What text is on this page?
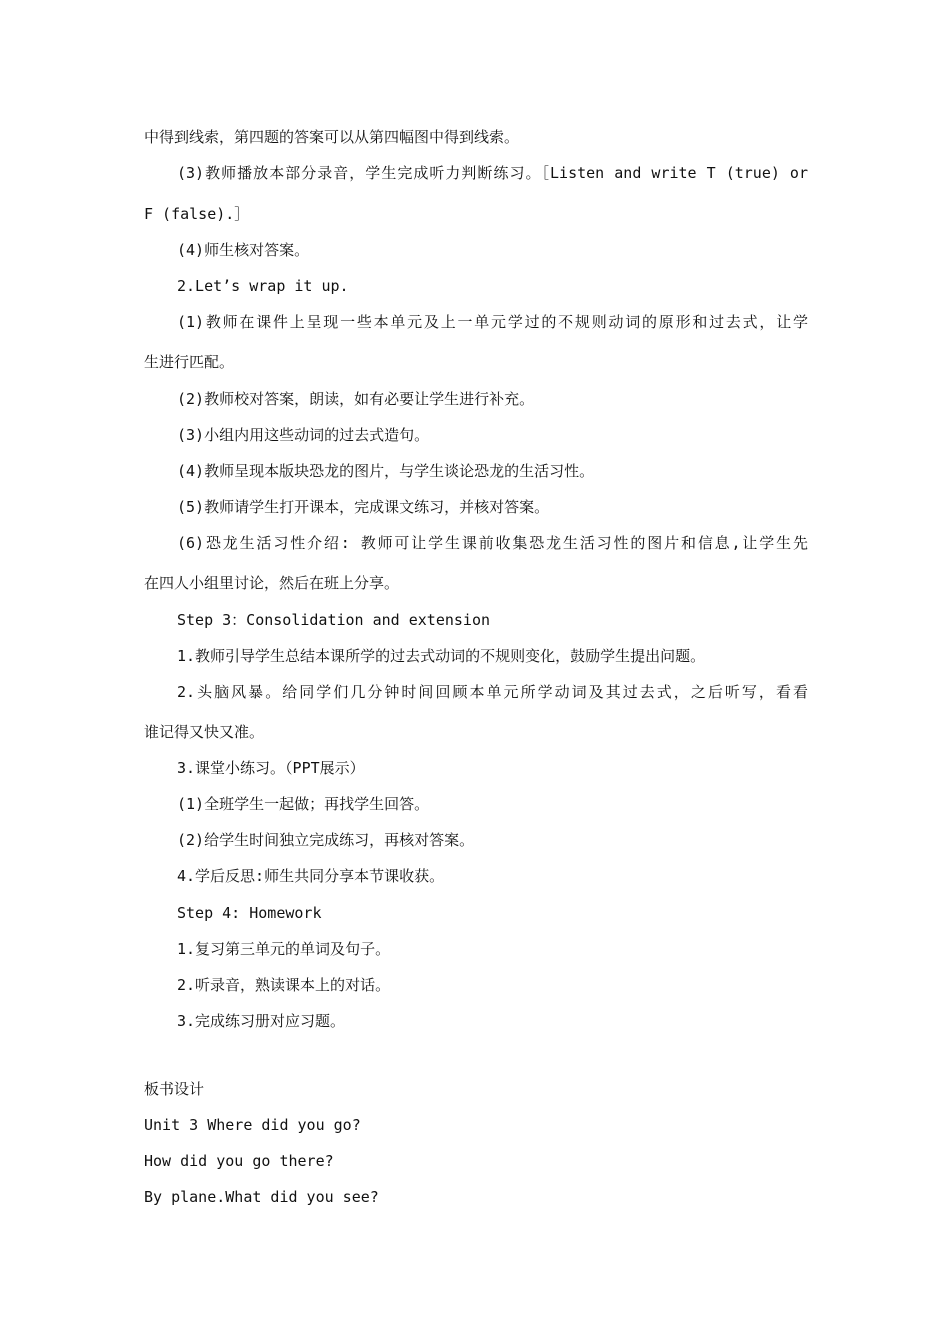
中得到线索，第四题的答案可以从第四幅图中得到线索。
(3)教师播放本部分录音，学生完成听力判断练习。［Listen and write T (true) or
F (false).］
(4)师生核对答案。
2.Let’s wrap it up.
(1)教师在课件上呈现一些本单元及上一单元学过的不规则动词的原形和过去式，让学
生进行匹配。
(2)教师校对答案，朗读，如有必要让学生进行补充。
(3)小组内用这些动词的过去式造句。
(4)教师呈现本版块恐龙的图片，与学生谈论恐龙的生活习性。
(5)教师请学生打开课本，完成课文练习，并核对答案。
(6)恐龙生活习性介绍: 教师可让学生课前收集恐龙生活习性的图片和信息,让学生先
在四人小组里讨论，然后在班上分享。
Step 3：Consolidation and extension
1.教师引导学生总结本课所学的过去式动词的不规则变化，鼓励学生提出问题。
2.头脑风暴。给同学们几分钟时间回顾本单元所学动词及其过去式，之后听写，看看
谁记得又快又准。
3.课堂小练习。（PPT展示）
(1)全班学生一起做；再找学生回答。
(2)给学生时间独立完成练习，再核对答案。
4.学后反思:师生共同分享本节课收获。
Step 4: Homework
1.复习第三单元的单词及句子。
2.听录音，熟读课本上的对话。
3.完成练习册对应习题。
板书设计
Unit 3 Where did you go?
How did you go there?
By plane.What did you see?
